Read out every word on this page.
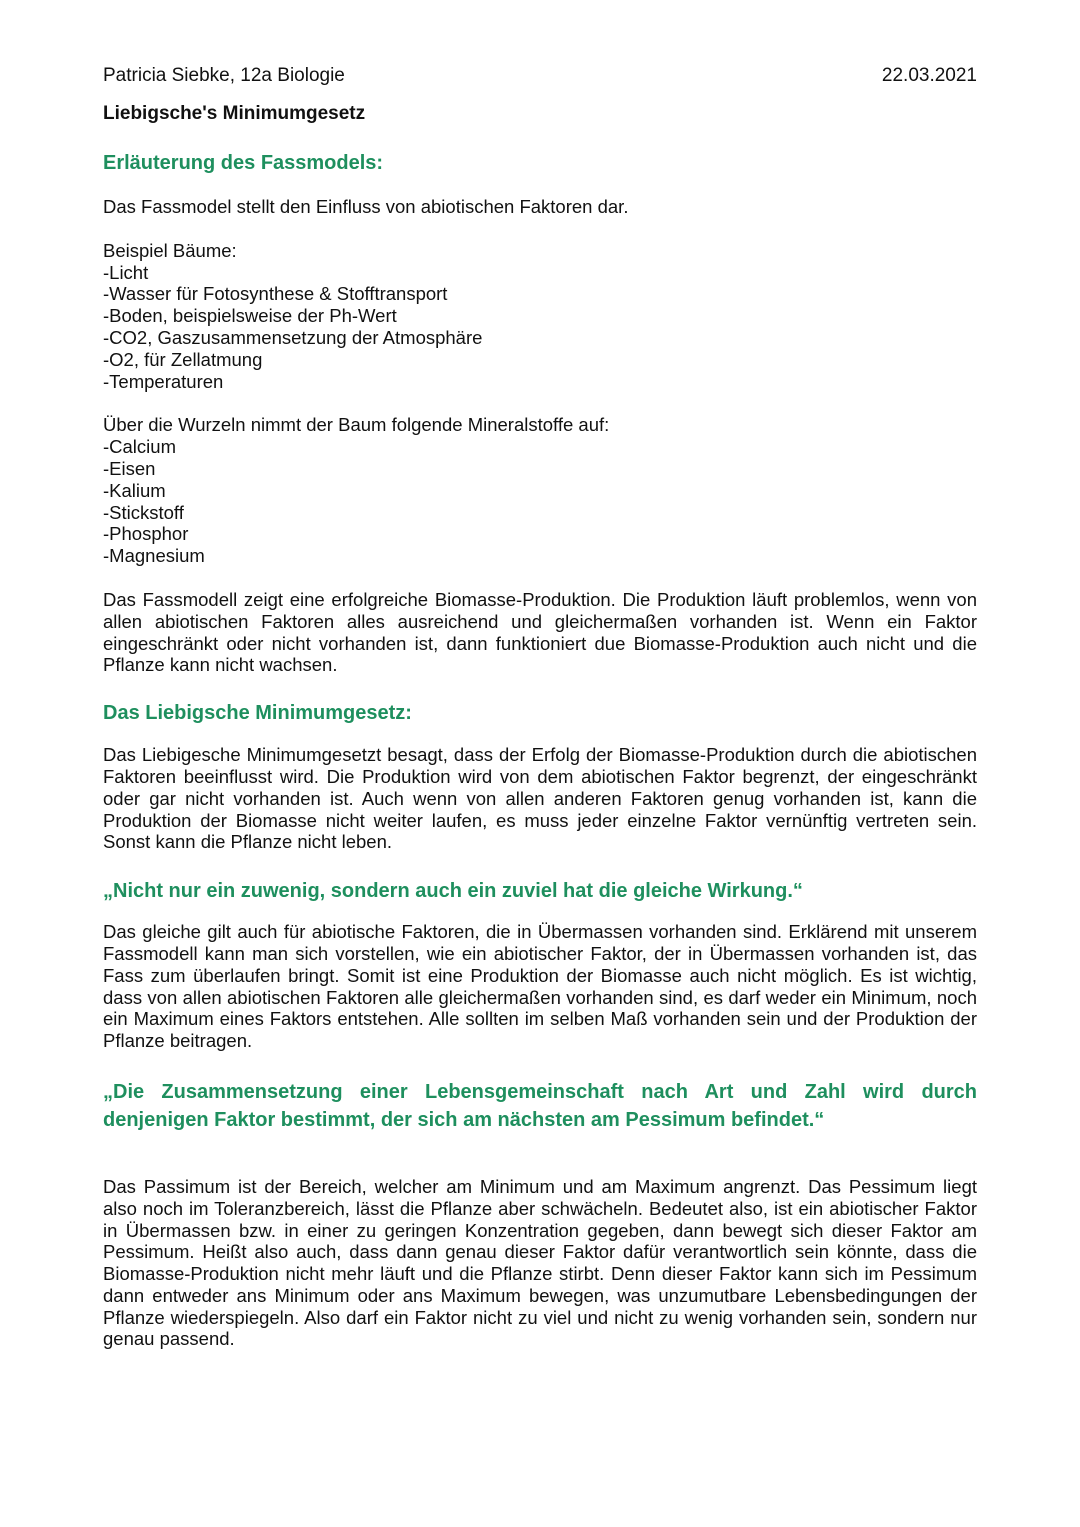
Patricia Siebke, 12a Biologie	22.03.2021
Liebigsche's Minimumgesetz
Erläuterung des Fassmodels:

Das Fassmodel stellt den Einfluss von abiotischen Faktoren dar.

Beispiel Bäume:

-Licht
-Wasser für Fotosynthese & Stofftransport
-Boden, beispielsweise der Ph-Wert
-CO2, Gaszusammensetzung der Atmosphäre
-O2, für Zellatmung
-Temperaturen

Über die Wurzeln nimmt der Baum folgende Mineralstoffe auf:

-Calcium
-Eisen
-Kalium
-Stickstoff
-Phosphor
-Magnesium

Das Fassmodell zeigt eine erfolgreiche Biomasse-Produktion. Die Produktion läuft problemlos, wenn von allen abiotischen Faktoren alles ausreichend und gleichermaßen vorhanden ist. Wenn ein Faktor eingeschränkt oder nicht vorhanden ist, dann funktioniert due Biomasse-Produktion auch nicht und die Pflanze kann nicht wachsen.

Das Liebigsche Minimumgesetz:

Das Liebigesche Minimumgesetzt besagt, dass der Erfolg der Biomasse-Produktion durch die abiotischen Faktoren beeinflusst wird. Die Produktion wird von dem abiotischen Faktor begrenzt, der eingeschränkt oder gar nicht vorhanden ist. Auch wenn von allen anderen Faktoren genug vorhanden ist, kann die Produktion der Biomasse nicht weiter laufen, es muss jeder einzelne Faktor vernünftig vertreten sein. Sonst kann die Pflanze nicht leben.

„Nicht nur ein zuwenig, sondern auch ein zuviel hat die gleiche Wirkung.“

Das gleiche gilt auch für abiotische Faktoren, die in Übermassen vorhanden sind. Erklärend mit unserem Fassmodell kann man sich vorstellen, wie ein abiotischer Faktor, der in Übermassen vorhanden ist, das Fass zum überlaufen bringt. Somit ist eine Produktion der Biomasse auch nicht möglich. Es ist wichtig, dass von allen abiotischen Faktoren alle gleichermaßen vorhanden sind, es darf weder ein Minimum, noch ein Maximum eines Faktors entstehen. Alle sollten im selben Maß vorhanden sein und der Produktion der Pflanze beitragen.

„Die Zusammensetzung einer Lebensgemeinschaft nach Art und Zahl wird durch denjenigen Faktor bestimmt, der sich am nächsten am Pessimum befindet.“

Das Passimum ist der Bereich, welcher am Minimum und am Maximum angrenzt. Das Pessimum liegt also noch im Toleranzbereich, lässt die Pflanze aber schwächeln. Bedeutet also, ist ein abiotischer Faktor in Übermassen bzw. in einer zu geringen Konzentration gegeben, dann bewegt sich dieser Faktor am Pessimum. Heißt also auch, dass dann genau dieser Faktor dafür verantwortlich sein könnte, dass die Biomasse-Produktion nicht mehr läuft und die Pflanze stirbt. Denn dieser Faktor kann sich im Pessimum dann entweder ans Minimum oder ans Maximum bewegen, was unzumutbare Lebensbedingungen der Pflanze wiederspiegeln. Also darf ein Faktor nicht zu viel und nicht zu wenig vorhanden sein, sondern nur genau passend.
